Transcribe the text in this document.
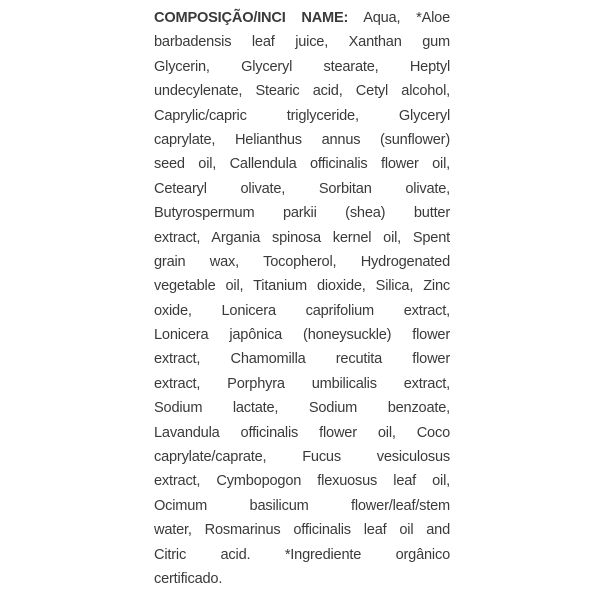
COMPOSIÇÃO/INCI NAME: Aqua, *Aloe
barbadensis leaf juice, Xanthan gum
Glycerin, Glyceryl stearate, Heptyl
undecylenate, Stearic acid, Cetyl alcohol,
Caprylic/capric triglyceride, Glyceryl
caprylate, Helianthus annus (sunflower)
seed oil, Callendula officinalis flower oil,
Cetearyl olivate, Sorbitan olivate,
Butyrospermum parkii (shea) butter
extract, Argania spinosa kernel oil, Spent
grain wax, Tocopherol, Hydrogenated
vegetable oil, Titanium dioxide, Silica, Zinc
oxide, Lonicera caprifolium extract,
Lonicera japônica (honeysuckle) flower
extract, Chamomilla recutita flower
extract, Porphyra umbilicalis extract,
Sodium lactate, Sodium benzoate,
Lavandula officinalis flower oil, Coco
caprylate/caprate, Fucus vesiculosus
extract, Cymbopogon flexuosus leaf oil,
Ocimum basilicum flower/leaf/stem
water, Rosmarinus officinalis leaf oil and
Citric acid. *Ingrediente orgânico
certificado.
